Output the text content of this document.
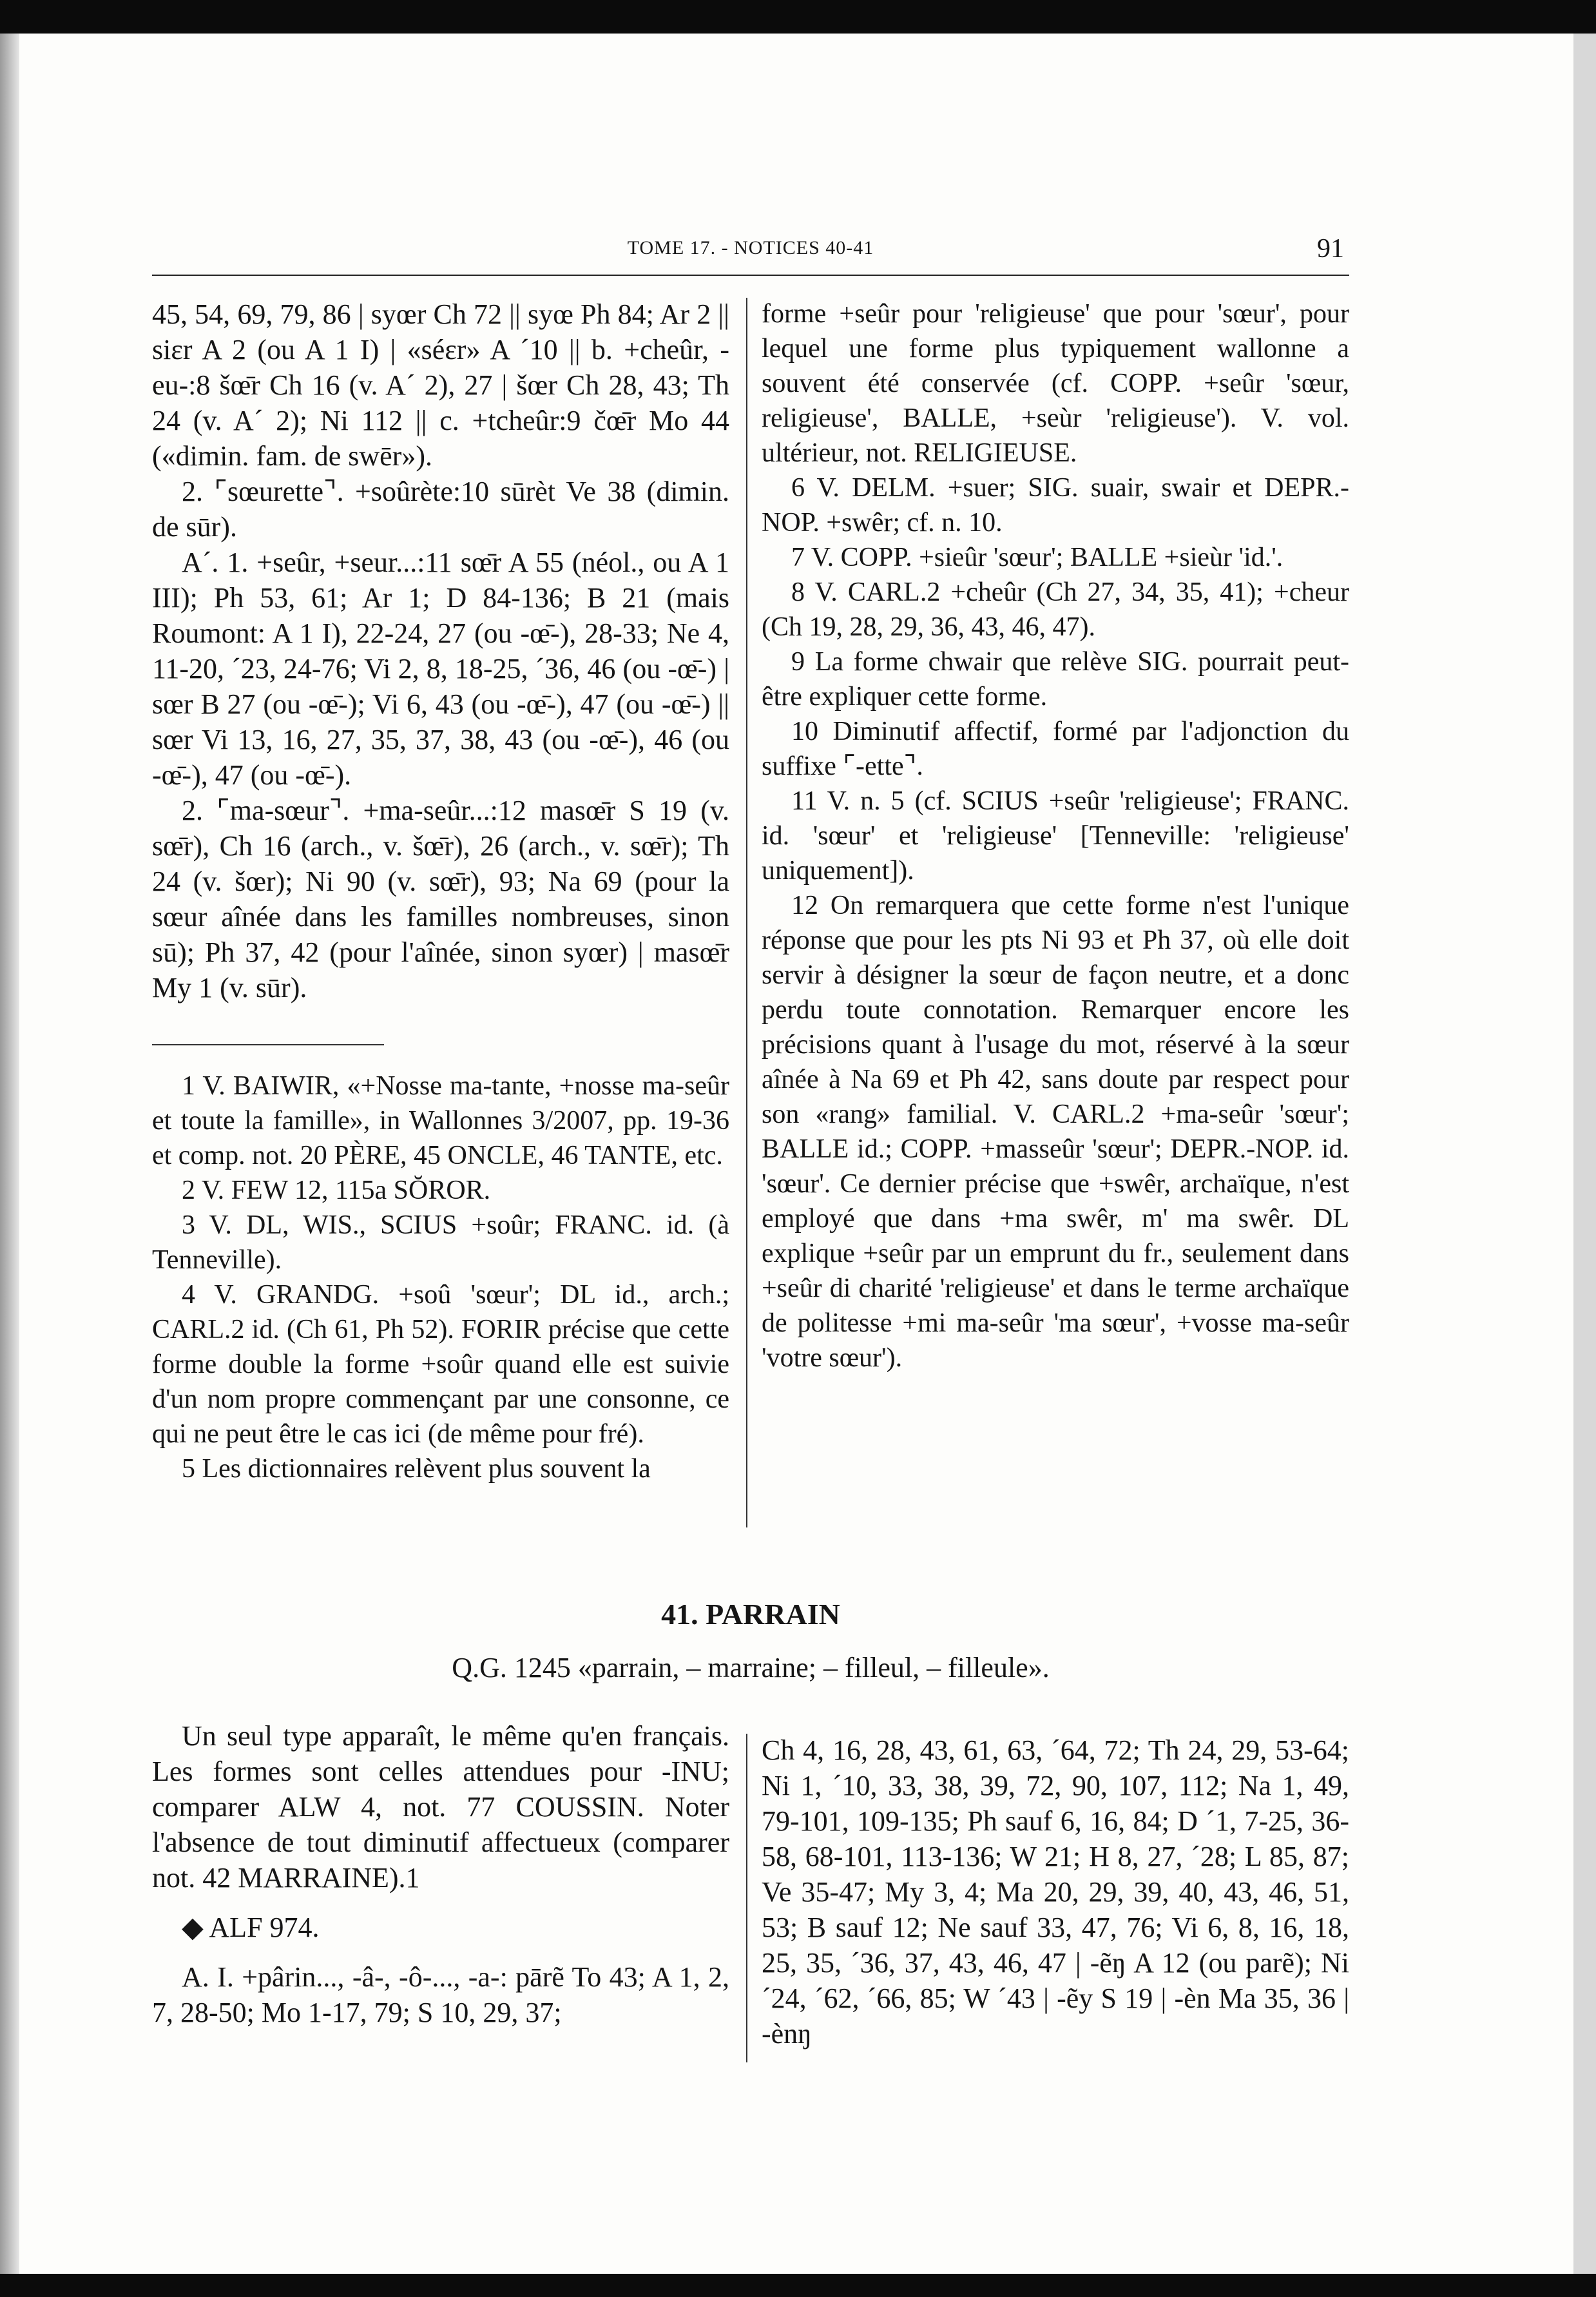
TOME 17. - NOTICES 40-41	91

45, 54, 69, 79, 86 | syœr Ch 72 || syœ Ph 84; Ar 2 || siɛr A 2 (ou A 1 I) | «séɛr» A ´10 || b. +cheûr, -eu-:8 šœ̄r Ch 16 (v. A´ 2), 27 | šœr Ch 28, 43; Th 24 (v. A´ 2); Ni 112 || c. +tcheûr:9 čœ̄r Mo 44 («dimin. fam. de swēr»).

2. ⌜sœurette⌝. +soûrète:10 sūrèt Ve 38 (dimin. de sūr).

A´. 1. +seûr, +seur...:11 sœ̄r A 55 (néol., ou A 1 III); Ph 53, 61; Ar 1; D 84-136; B 21 (mais Roumont: A 1 I), 22-24, 27 (ou -œ̄-), 28-33; Ne 4, 11-20, ´23, 24-76; Vi 2, 8, 18-25, ´36, 46 (ou -œ̄-) | sœr B 27 (ou -œ̄-); Vi 6, 43 (ou -œ̄-), 47 (ou -œ̄-) || sœr Vi 13, 16, 27, 35, 37, 38, 43 (ou -œ̄-), 46 (ou -œ̄-), 47 (ou -œ̄-).

2. ⌜ma-sœur⌝. +ma-seûr...:12 masœ̄r S 19 (v. sœ̄r), Ch 16 (arch., v. šœ̄r), 26 (arch., v. sœ̄r); Th 24 (v. šœr); Ni 90 (v. sœ̄r), 93; Na 69 (pour la sœur aînée dans les familles nombreuses, sinon sū); Ph 37, 42 (pour l'aînée, sinon syœr) | masœ̄r My 1 (v. sūr).

1 V. BAIWIR, «+Nosse ma-tante, +nosse ma-seûr et toute la famille», in Wallonnes 3/2007, pp. 19-36 et comp. not. 20 PÈRE, 45 ONCLE, 46 TANTE, etc.

2 V. FEW 12, 115a SŎROR.

3 V. DL, WIS., SCIUS +soûr; FRANC. id. (à Tenneville).

4 V. GRANDG. +soû 'sœur'; DL id., arch.; CARL.2 id. (Ch 61, Ph 52). FORIR précise que cette forme double la forme +soûr quand elle est suivie d'un nom propre commençant par une consonne, ce qui ne peut être le cas ici (de même pour fré).

5 Les dictionnaires relèvent plus souvent la

forme +seûr pour 'religieuse' que pour 'sœur', pour lequel une forme plus typiquement wallonne a souvent été conservée (cf. COPP. +seûr 'sœur, religieuse', BALLE, +seùr 'religieuse'). V. vol. ultérieur, not. RELIGIEUSE.

6 V. DELM. +suer; SIG. suair, swair et DEPR.-NOP. +swêr; cf. n. 10.

7 V. COPP. +sieûr 'sœur'; BALLE +sieùr 'id.'.

8 V. CARL.2 +cheûr (Ch 27, 34, 35, 41); +cheur (Ch 19, 28, 29, 36, 43, 46, 47).

9 La forme chwair que relève SIG. pourrait peut-être expliquer cette forme.

10 Diminutif affectif, formé par l'adjonction du suffixe ⌜-ette⌝.

11 V. n. 5 (cf. SCIUS +seûr 'religieuse'; FRANC. id. 'sœur' et 'religieuse' [Tenneville: 'religieuse' uniquement]).

12 On remarquera que cette forme n'est l'unique réponse que pour les pts Ni 93 et Ph 37, où elle doit servir à désigner la sœur de façon neutre, et a donc perdu toute connotation. Remarquer encore les précisions quant à l'usage du mot, réservé à la sœur aînée à Na 69 et Ph 42, sans doute par respect pour son «rang» familial. V. CARL.2 +ma-seûr 'sœur'; BALLE id.; COPP. +masseûr 'sœur'; DEPR.-NOP. id. 'sœur'. Ce dernier précise que +swêr, archaïque, n'est employé que dans +ma swêr, m' ma swêr. DL explique +seûr par un emprunt du fr., seulement dans +seûr di charité 'religieuse' et dans le terme archaïque de politesse +mi ma-seûr 'ma sœur', +vosse ma-seûr 'votre sœur').

41. PARRAIN
Q.G. 1245 «parrain, – marraine; – filleul, – filleule».

Un seul type apparaît, le même qu'en français. Les formes sont celles attendues pour -INU; comparer ALW 4, not. 77 COUSSIN. Noter l'absence de tout diminutif affectueux (comparer not. 42 MARRAINE).1

◆ ALF 974.

A. I. +pârin..., -â-, -ô-..., -a-: pārẽ To 43; A 1, 2, 7, 28-50; Mo 1-17, 79; S 10, 29, 37;

Ch 4, 16, 28, 43, 61, 63, ´64, 72; Th 24, 29, 53-64; Ni 1, ´10, 33, 38, 39, 72, 90, 107, 112; Na 1, 49, 79-101, 109-135; Ph sauf 6, 16, 84; D ´1, 7-25, 36-58, 68-101, 113-136; W 21; H 8, 27, ´28; L 85, 87; Ve 35-47; My 3, 4; Ma 20, 29, 39, 40, 43, 46, 51, 53; B sauf 12; Ne sauf 33, 47, 76; Vi 6, 8, 16, 18, 25, 35, ´36, 37, 43, 46, 47 | -ẽŋ A 12 (ou parẽ); Ni ´24, ´62, ´66, 85; W ´43 | -ẽy S 19 | -èn Ma 35, 36 | -ènŋ
